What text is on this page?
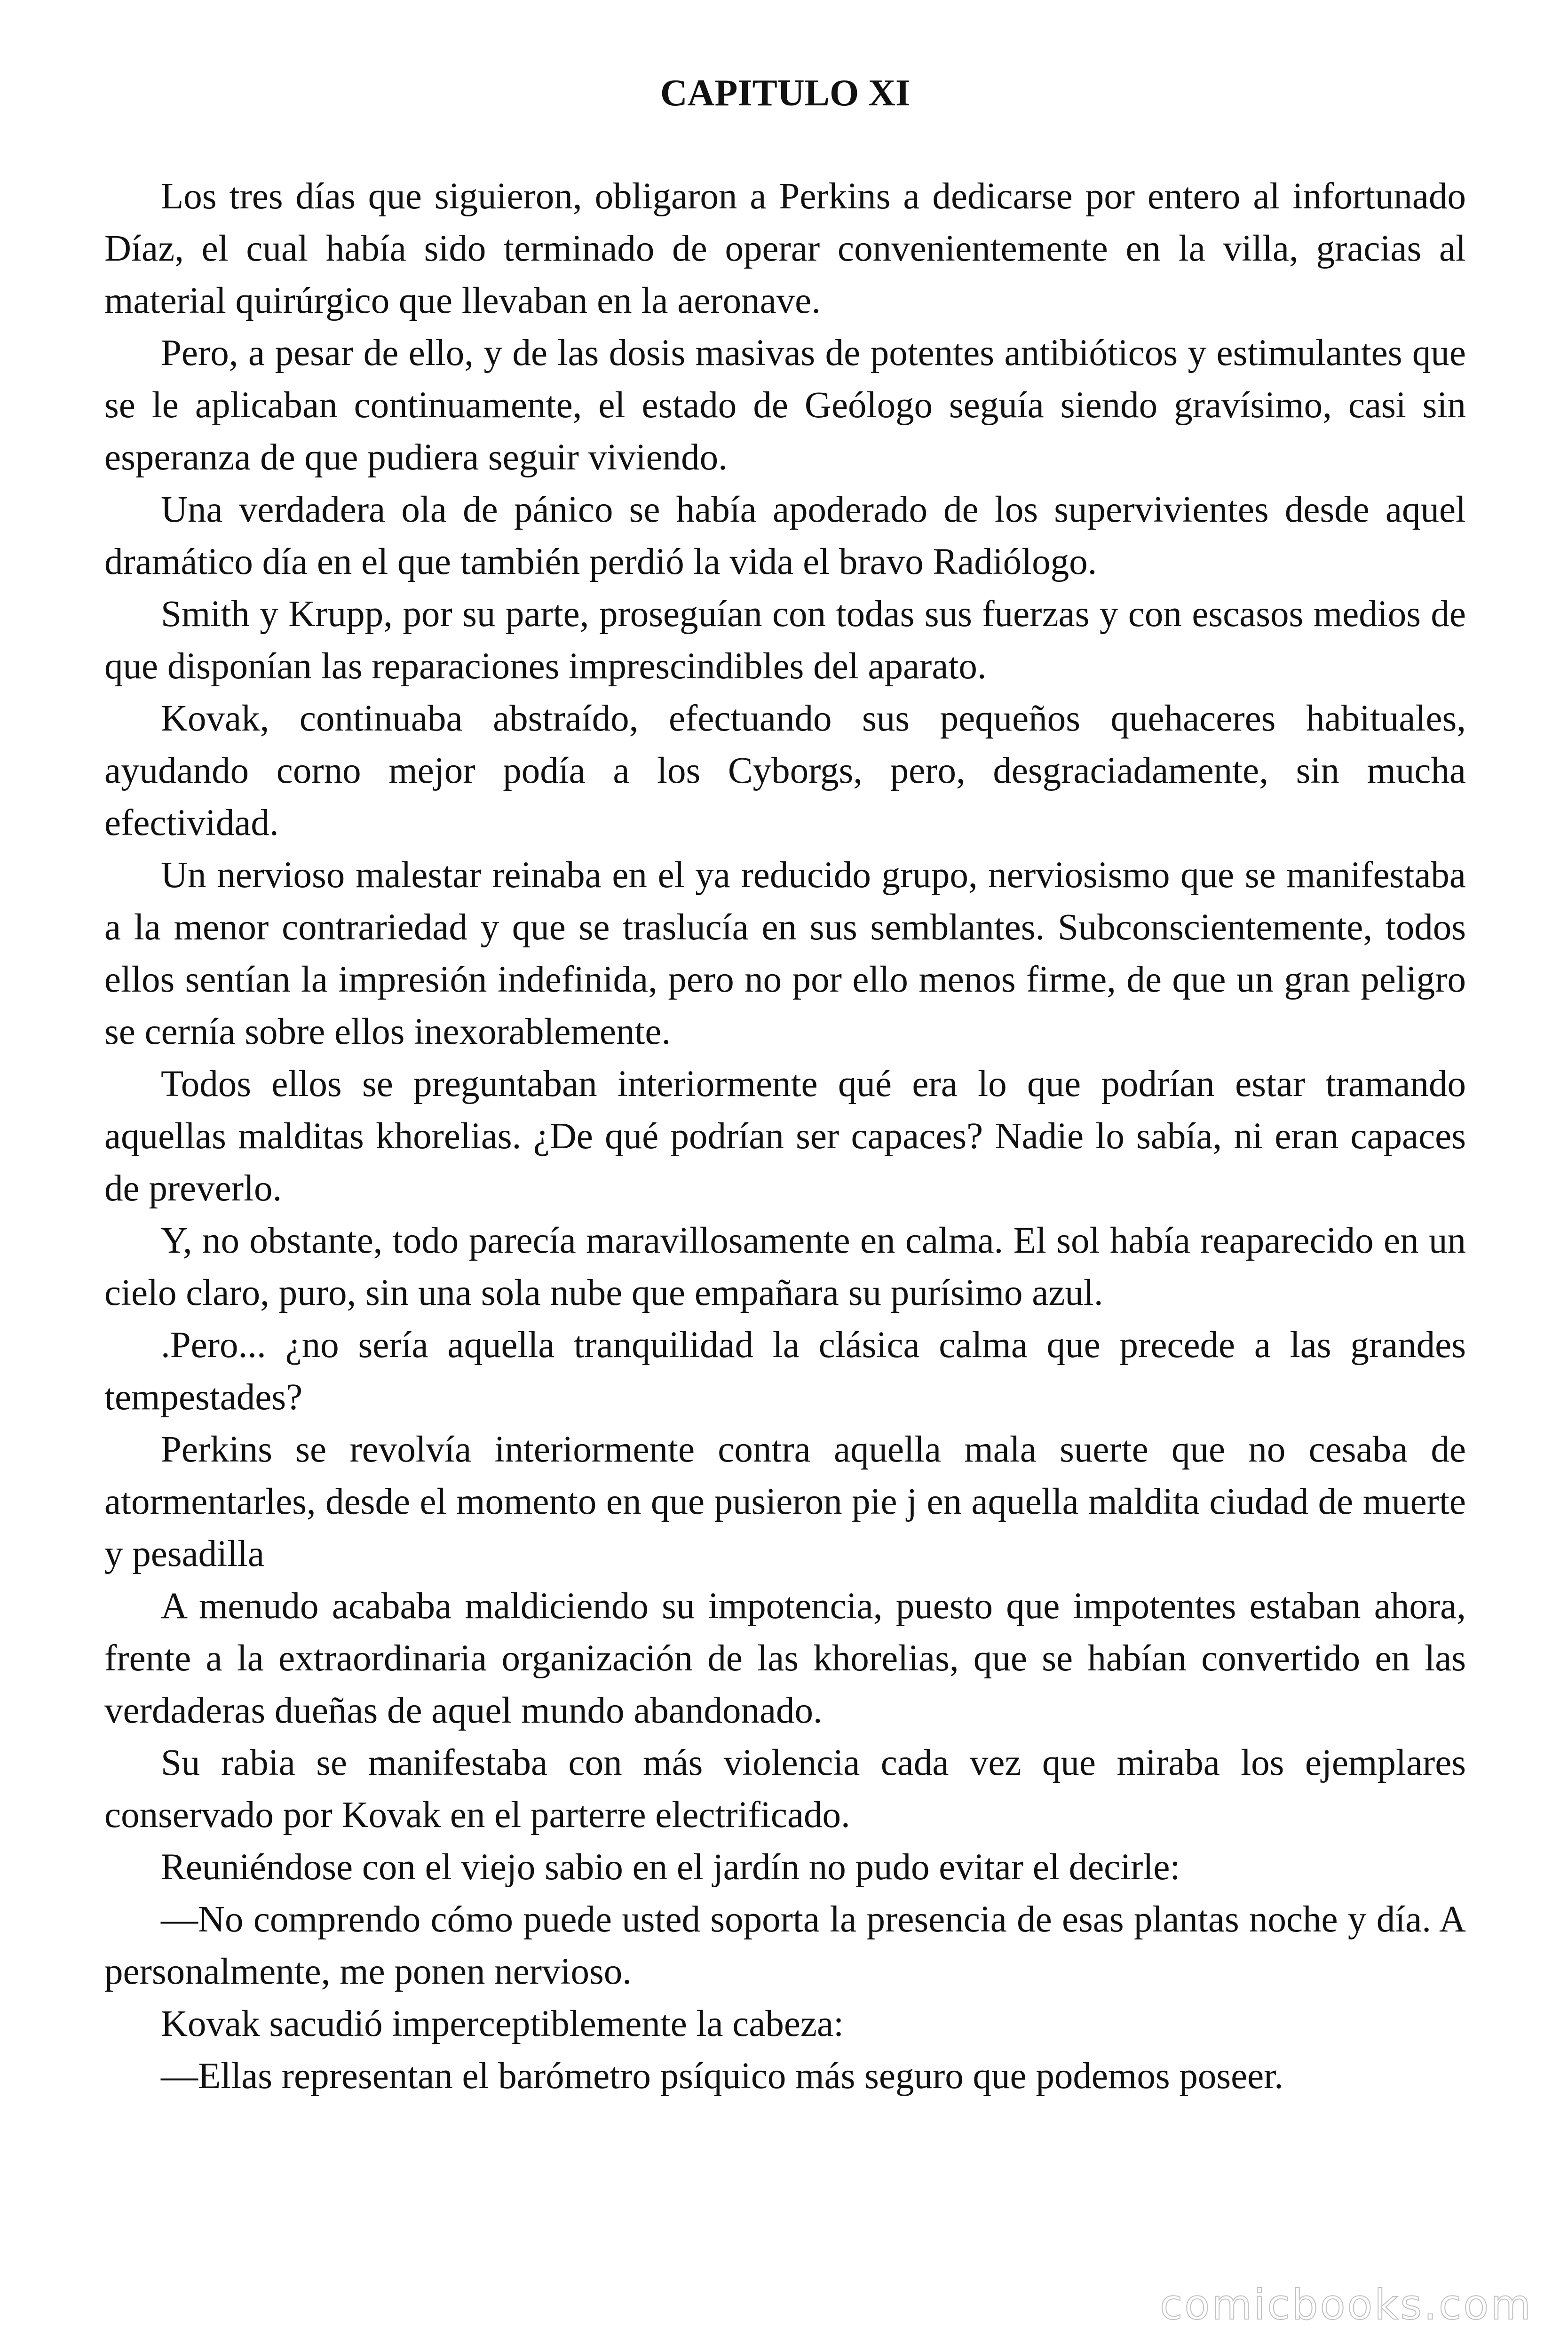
CAPITULO XI

Los tres días que siguieron, obligaron a Perkins a dedicarse por entero al infortunado Díaz, el cual había sido terminado de operar convenientemente en la villa, gracias al material quirúrgico que llevaban en la aeronave.

Pero, a pesar de ello, y de las dosis masivas de potentes antibióticos y estimulantes que se le aplicaban continuamente, el estado de Geólogo seguía siendo gravísimo, casi sin esperanza de que pudiera seguir viviendo.

Una verdadera ola de pánico se había apoderado de los supervivientes desde aquel dramático día en el que también perdió la vida el bravo Radiólogo.

Smith y Krupp, por su parte, proseguían con todas sus fuerzas y con escasos medios de que disponían las reparaciones imprescindibles del aparato.

Kovak, continuaba abstraído, efectuando sus pequeños quehaceres habituales, ayudando corno mejor podía a los Cyborgs, pero, desgraciadamente, sin mucha efectividad.

Un nervioso malestar reinaba en el ya reducido grupo, nerviosismo que se manifestaba a la menor contrariedad y que se traslucía en sus semblantes. Subconscientemente, todos ellos sentían la impresión indefinida, pero no por ello menos firme, de que un gran peligro se cernía sobre ellos inexorablemente.

Todos ellos se preguntaban interiormente qué era lo que podrían estar tramando aquellas malditas khorelias. ¿De qué podrían ser capaces? Nadie lo sabía, ni eran capaces de preverlo.

Y, no obstante, todo parecía maravillosamente en calma. El sol había reaparecido en un cielo claro, puro, sin una sola nube que empañara su purísimo azul.

.Pero... ¿no sería aquella tranquilidad la clásica calma que precede a las grandes tempestades?

Perkins se revolvía interiormente contra aquella mala suerte que no cesaba de atormentarles, desde el momento en que pusieron pie j en aquella maldita ciudad de muerte y pesadilla

A menudo acababa maldiciendo su impotencia, puesto que impotentes estaban ahora, frente a la extraordinaria organización de las khorelias, que se habían convertido en las verdaderas dueñas de aquel mundo abandonado.

Su rabia se manifestaba con más violencia cada vez que miraba los ejemplares conservado por Kovak en el parterre electrificado.

Reuniéndose con el viejo sabio en el jardín no pudo evitar el decirle:

—No comprendo cómo puede usted soporta la presencia de esas plantas noche y día. A personalmente, me ponen nervioso.

Kovak sacudió imperceptiblemente la cabeza:

—Ellas representan el barómetro psíquico más seguro que podemos poseer.

comicbooks.com
